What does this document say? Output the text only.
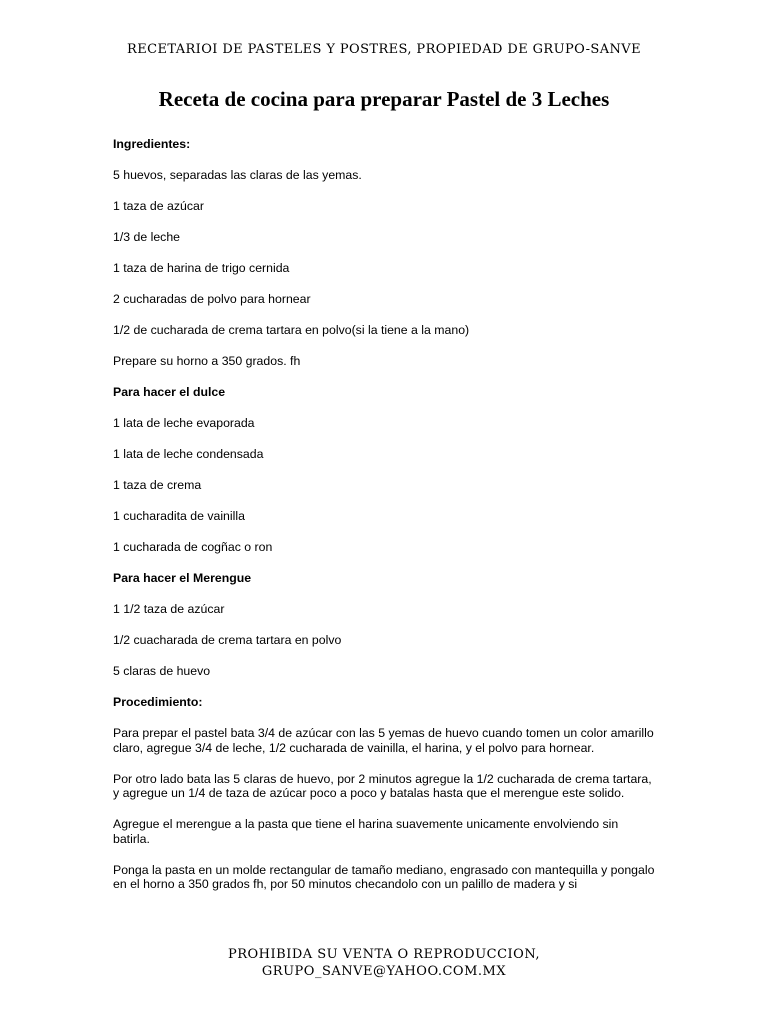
RECETARIOI DE PASTELES Y POSTRES, PROPIEDAD DE GRUPO-SANVE
Receta de cocina para preparar Pastel de 3 Leches

Ingredientes:

5 huevos, separadas las claras de las yemas.

1 taza de azúcar

1/3 de leche

1 taza de harina de trigo cernida

2 cucharadas de polvo para hornear

1/2 de cucharada de crema tartara en polvo(si la tiene a la mano)

Prepare su horno a 350 grados. fh

Para hacer el dulce

1 lata de leche evaporada

1 lata de leche condensada

1 taza de crema

1 cucharadita de vainilla

1 cucharada de cogñac o ron

Para hacer el Merengue

1 1/2 taza de azúcar

1/2 cuacharada de crema tartara en polvo

5 claras de huevo

Procedimiento:

Para prepar el pastel bata 3/4 de azúcar con las 5 yemas de huevo cuando tomen un color amarillo claro, agregue 3/4 de leche, 1/2 cucharada de vainilla, el harina, y el polvo para hornear.

Por otro lado bata las 5 claras de huevo, por 2 minutos agregue la 1/2 cucharada de crema tartara, y agregue un 1/4 de taza de azúcar poco a poco y batalas hasta que el merengue este solido.

Agregue el merengue a la pasta que tiene el harina suavemente unicamente envolviendo sin batirla.

Ponga la pasta en un molde rectangular de tamaño mediano, engrasado con mantequilla y pongalo en el horno a 350 grados fh, por 50 minutos checandolo con un palillo de madera y si

PROHIBIDA SU VENTA O REPRODUCCION,
GRUPO_SANVE@YAHOO.COM.MX
